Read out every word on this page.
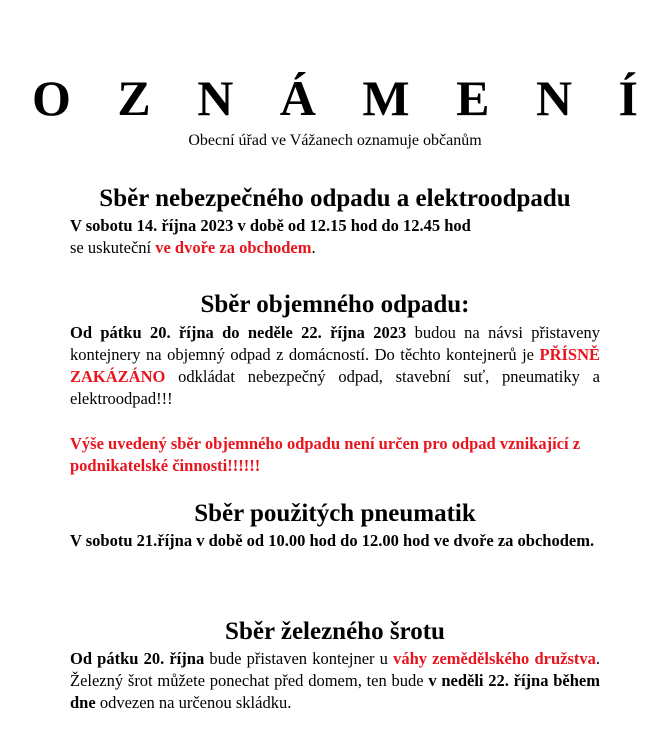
O Z N Á M E N Í
Obecní úřad ve Vážanech oznamuje občanům
Sběr nebezpečného odpadu a elektroodpadu
V sobotu 14. října 2023 v době od 12.15 hod do 12.45 hod
se uskuteční ve dvoře za obchodem.
Sběr objemného odpadu:
Od pátku 20. října do neděle 22. října 2023 budou na návsi přistaveny kontejnery na objemný odpad z domácností. Do těchto kontejnerů je PŘÍSNĚ ZAKÁZÁNO odkládat nebezpečný odpad, stavební suť, pneumatiky a elektroodpad!!!
Výše uvedený sběr objemného odpadu není určen pro odpad vznikající z podnikatelské činnosti!!!!!!
Sběr použitých pneumatik
V sobotu 21.října v době od 10.00 hod do 12.00 hod ve dvoře za obchodem.
Sběr železného šrotu
Od pátku 20. října bude přistaven kontejner u váhy zemědělského družstva. Železný šrot můžete ponechat před domem, ten bude v neděli 22. října během dne odvezen na určenou skládku.
